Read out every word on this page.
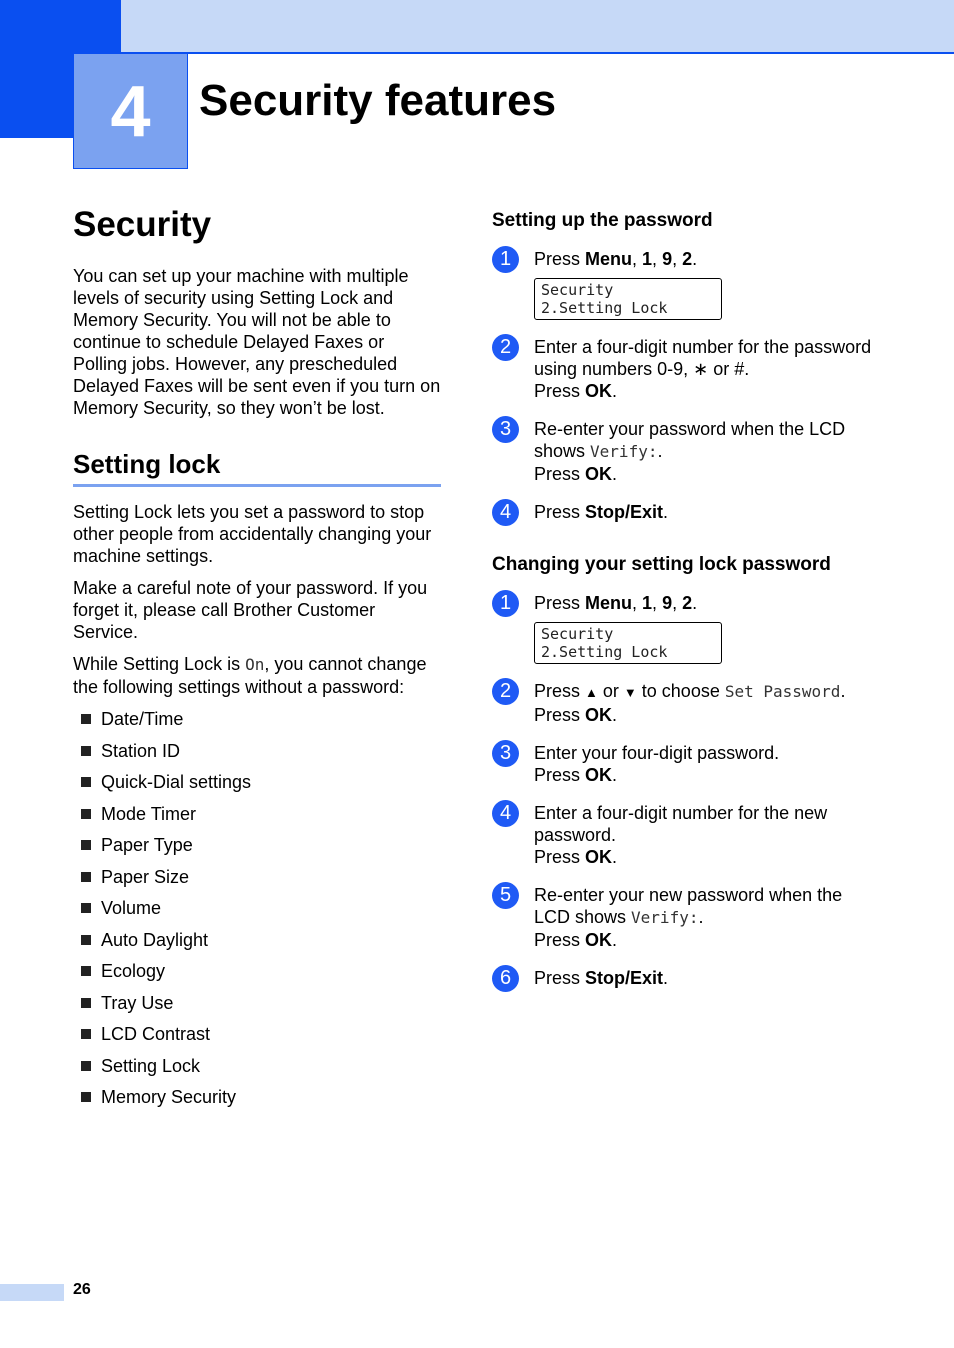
4	Security features
Security

You can set up your machine with multiple levels of security using Setting Lock and Memory Security. You will not be able to continue to schedule Delayed Faxes or Polling jobs. However, any prescheduled Delayed Faxes will be sent even if you turn on Memory Security, so they won’t be lost.

Setting lock

Setting Lock lets you set a password to stop other people from accidentally changing your machine settings.

Make a careful note of your password. If you forget it, please call Brother Customer Service.

While Setting Lock is On, you cannot change the following settings without a password:

Date/Time
Station ID
Quick-Dial settings
Mode Timer
Paper Type
Paper Size
Volume
Auto Daylight
Ecology
Tray Use
LCD Contrast
Setting Lock
Memory Security
Setting up the password
1	Press Menu, 1, 9, 2.
Security
2.Setting Lock
2	Enter a four-digit number for the password using numbers 0-9, ∗ or #.
Press OK.
3	Re-enter your password when the LCD shows Verify:.
Press OK.
4	Press Stop/Exit.
Changing your setting lock password
1	Press Menu, 1, 9, 2.
Security
2.Setting Lock
2	Press ▲ or ▼ to choose Set Password.
Press OK.
3	Enter your four-digit password.
Press OK.
4	Enter a four-digit number for the new password.
Press OK.
5	Re-enter your new password when the LCD shows Verify:.
Press OK.
6	Press Stop/Exit.
26
